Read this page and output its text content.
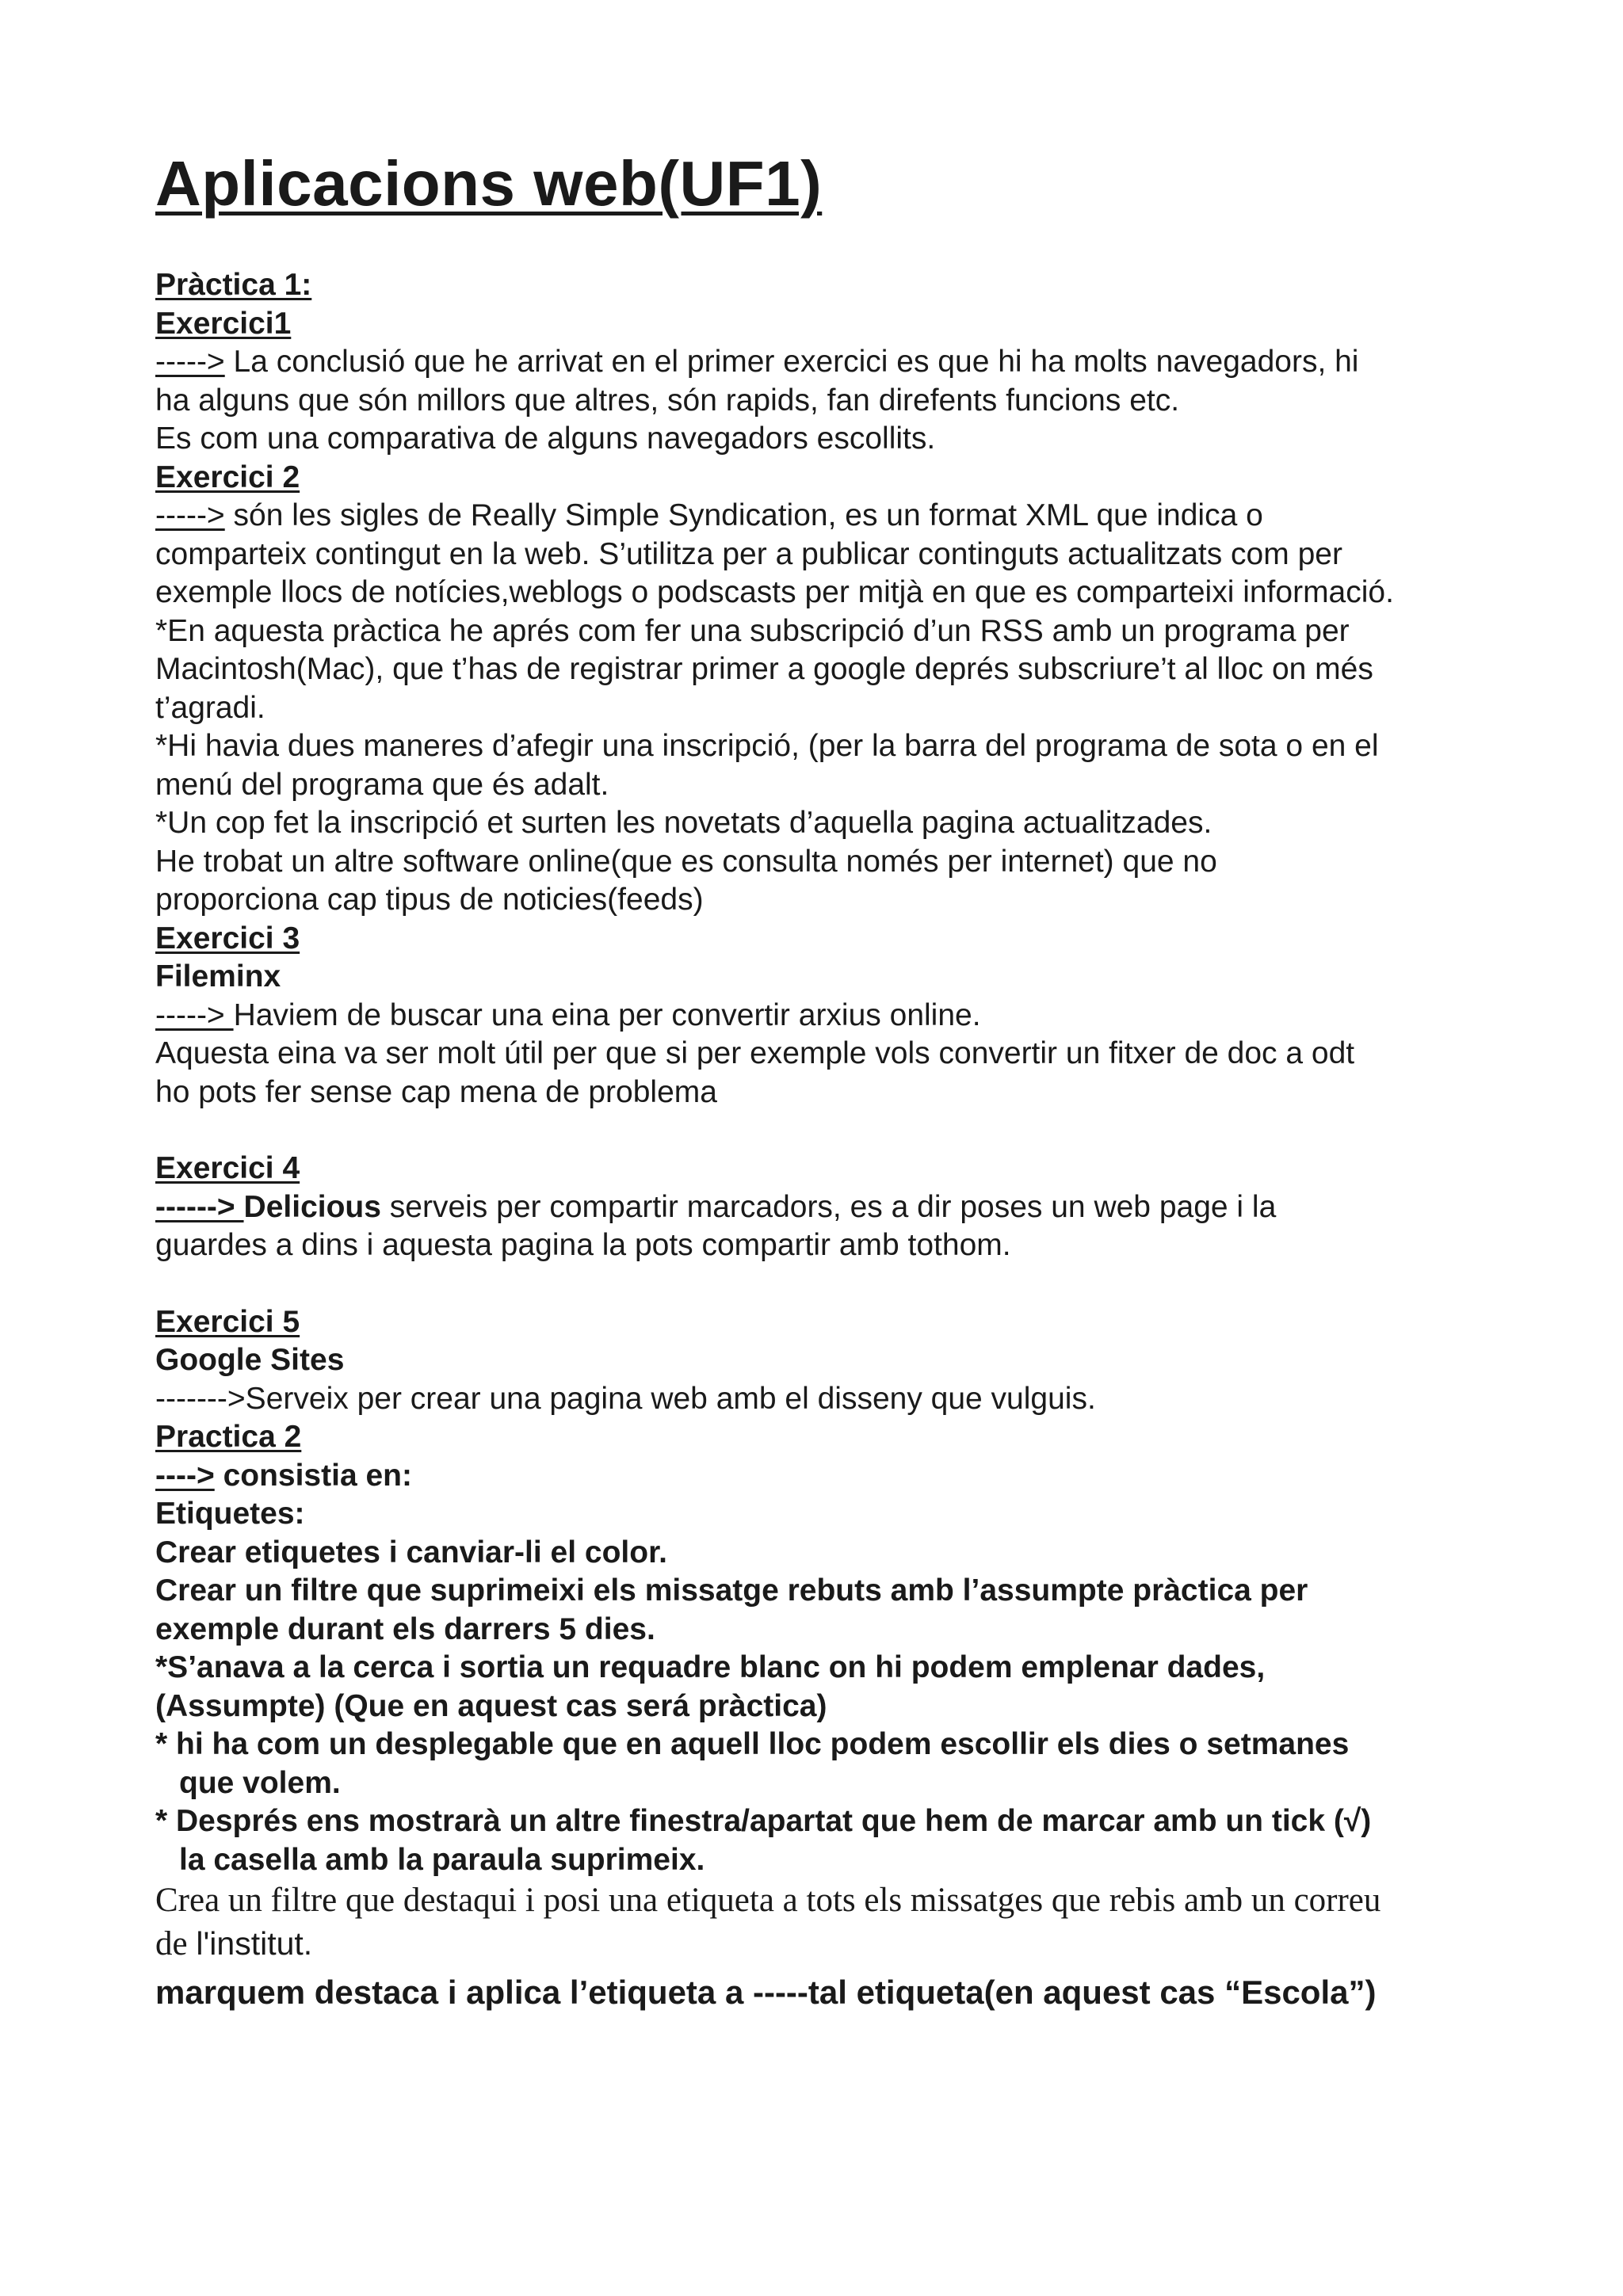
Aplicacions web(UF1)
Pràctica 1:
Exercici1
-----> La conclusió que he arrivat en el primer exercici es que hi ha molts navegadors, hi
ha alguns que són millors que altres, són rapids, fan direfents funcions etc.
Es com una comparativa de alguns navegadors escollits.
Exercici 2
-----> són les sigles de Really Simple Syndication, es un format XML que indica o
comparteix contingut en la web. S’utilitza per a publicar continguts actualitzats com per
exemple llocs de notícies,weblogs o podscasts per mitjà en que es comparteixi informació.
*En aquesta pràctica he aprés com fer una subscripció d’un RSS amb un programa per
Macintosh(Mac), que t’has de registrar primer a google deprés subscriure’t al lloc on més
t’agradi.
*Hi havia dues maneres d’afegir una inscripció, (per la barra del programa de sota o en el
menú del programa que és adalt.
*Un cop fet la inscripció et surten les novetats d’aquella pagina actualitzades.
He trobat un altre software online(que es consulta només per internet) que no
proporciona cap tipus de noticies(feeds)
Exercici 3
Fileminx
-----> Haviem de buscar una eina per convertir arxius online.
Aquesta eina va ser molt útil per que si per exemple vols convertir un fitxer de doc a odt
ho pots fer sense cap mena de problema
Exercici 4
------> Delicious serveis per compartir marcadors, es a dir poses un web page i la
guardes a dins i aquesta pagina la pots compartir amb tothom.
Exercici 5
Google Sites
------->Serveix per crear una pagina web amb el disseny que vulguis.
Practica 2
----> consistia en:
Etiquetes:
Crear etiquetes i canviar-li el color.
Crear un filtre que suprimeixi els missatge rebuts amb l’assumpte pràctica per
exemple durant els darrers 5 dies.
*S’anava a la cerca i sortia un requadre blanc on hi podem emplenar dades,
(Assumpte) (Que en aquest cas será pràctica)
* hi ha com un desplegable que en aquell lloc podem escollir els dies o setmanes
que volem.
* Després ens mostrarà un altre finestra/apartat que hem de marcar amb un tick (√)
la casella amb la paraula suprimeix.
Crea un filtre que destaqui i posi una etiqueta a tots els missatges que rebis amb un correu
de l'institut.
marquem destaca i aplica l’etiqueta a -----tal etiqueta(en aquest cas “Escola”)
